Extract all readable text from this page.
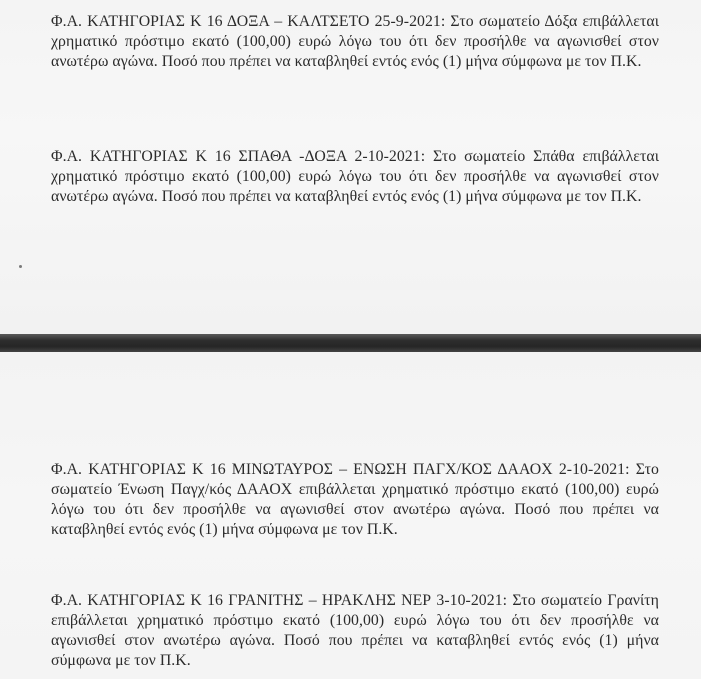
Φ.Α. ΚΑΤΗΓΟΡΙΑΣ Κ 16 ΔΟΞΑ – ΚΑΛΤΣΕΤΟ 25-9-2021: Στο σωματείο Δόξα επιβάλλεται χρηματικό πρόστιμο εκατό (100,00) ευρώ λόγω του ότι δεν προσήλθε να αγωνισθεί στον ανωτέρω αγώνα. Ποσό που πρέπει να καταβληθεί εντός ενός (1) μήνα σύμφωνα με τον Π.Κ.

Φ.Α. ΚΑΤΗΓΟΡΙΑΣ Κ 16 ΣΠΑΘΑ -ΔΟΞΑ 2-10-2021: Στο σωματείο Σπάθα επιβάλλεται χρηματικό πρόστιμο εκατό (100,00) ευρώ λόγω του ότι δεν προσήλθε να αγωνισθεί στον ανωτέρω αγώνα. Ποσό που πρέπει να καταβληθεί εντός ενός (1) μήνα σύμφωνα με τον Π.Κ.

Φ.Α. ΚΑΤΗΓΟΡΙΑΣ Κ 16 ΜΙΝΩΤΑΥΡΟΣ – ΕΝΩΣΗ ΠΑΓΧ/ΚΟΣ ΔΑΑΟΧ 2-10-2021: Στο σωματείο Ένωση Παγχ/κός ΔΑΑΟΧ επιβάλλεται χρηματικό πρόστιμο εκατό (100,00) ευρώ λόγω του ότι δεν προσήλθε να αγωνισθεί στον ανωτέρω αγώνα. Ποσό που πρέπει να καταβληθεί εντός ενός (1) μήνα σύμφωνα με τον Π.Κ.

Φ.Α. ΚΑΤΗΓΟΡΙΑΣ Κ 16 ΓΡΑΝΙΤΗΣ – ΗΡΑΚΛΗΣ ΝΕΡ 3-10-2021: Στο σωματείο Γρανίτη επιβάλλεται χρηματικό πρόστιμο εκατό (100,00) ευρώ λόγω του ότι δεν προσήλθε να αγωνισθεί στον ανωτέρω αγώνα. Ποσό που πρέπει να καταβληθεί εντός ενός (1) μήνα σύμφωνα με τον Π.Κ.
